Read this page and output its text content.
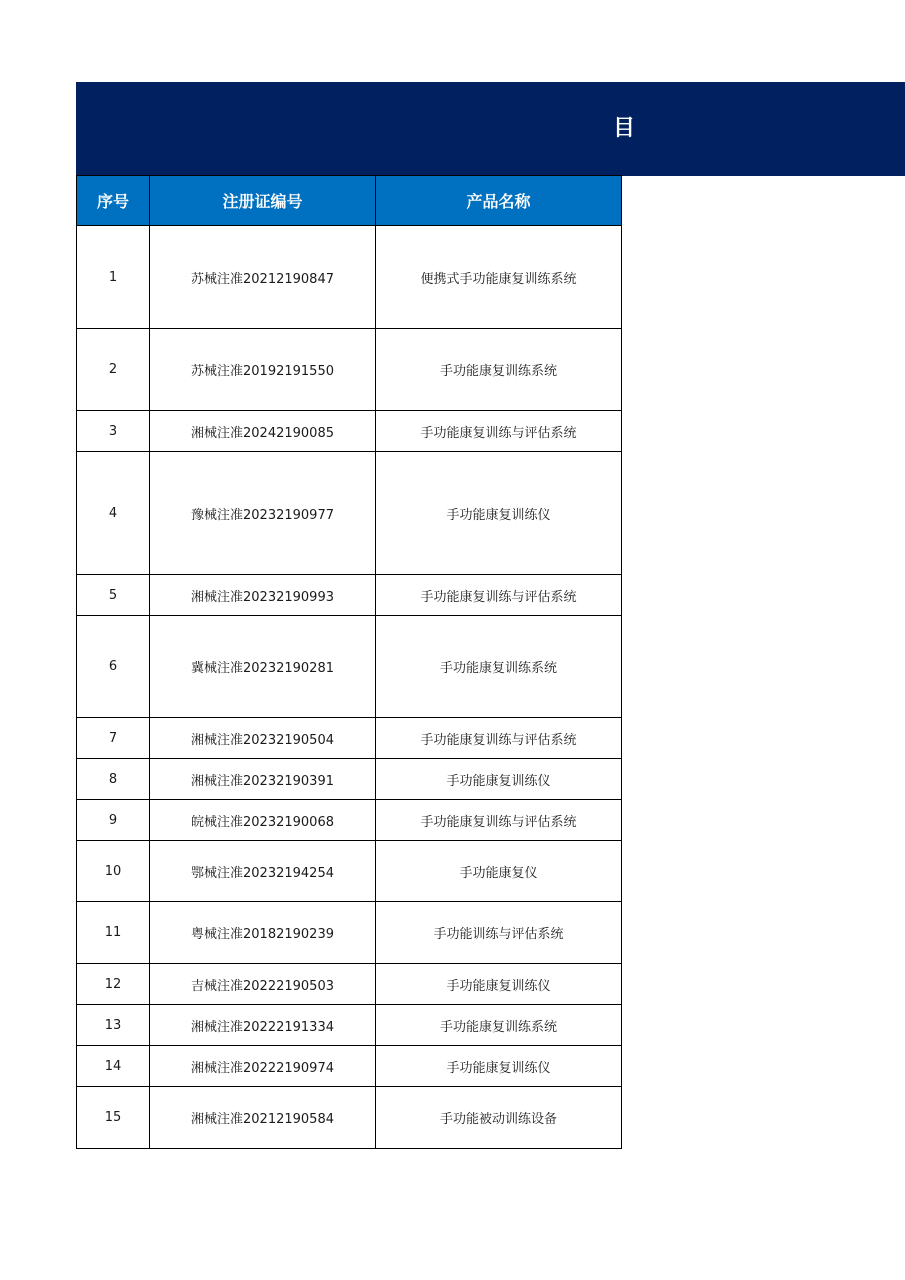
目
序号	注册证编号	产品名称
1	苏械注准20212190847	便携式手功能康复训练系统
2	苏械注准20192191550	手功能康复训练系统
3	湘械注准20242190085	手功能康复训练与评估系统
4	豫械注准20232190977	手功能康复训练仪
5	湘械注准20232190993	手功能康复训练与评估系统
6	冀械注准20232190281	手功能康复训练系统
7	湘械注准20232190504	手功能康复训练与评估系统
8	湘械注准20232190391	手功能康复训练仪
9	皖械注准20232190068	手功能康复训练与评估系统
10	鄂械注准20232194254	手功能康复仪
11	粤械注准20182190239	手功能训练与评估系统
12	吉械注准20222190503	手功能康复训练仪
13	湘械注准20222191334	手功能康复训练系统
14	湘械注准20222190974	手功能康复训练仪
15	湘械注准20212190584	手功能被动训练设备
